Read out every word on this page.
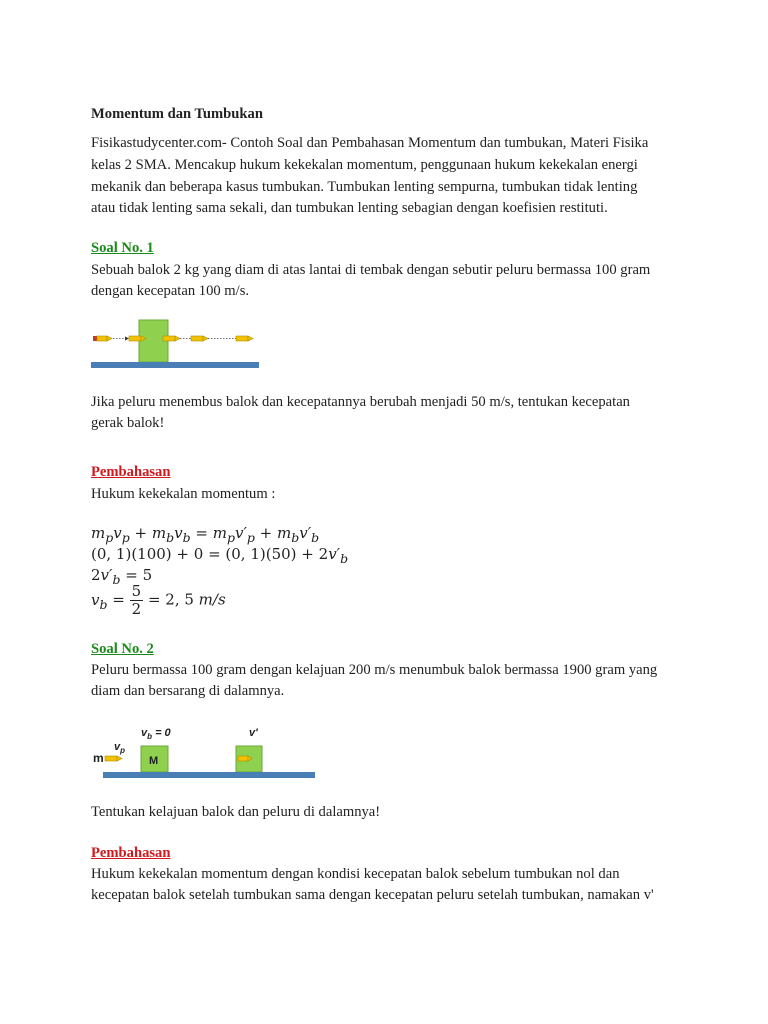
Momentum dan Tumbukan
Fisikastudycenter.com- Contoh Soal dan Pembahasan Momentum dan tumbukan, Materi Fisika
kelas 2 SMA. Mencakup hukum kekekalan momentum, penggunaan hukum kekekalan energi
mekanik dan beberapa kasus tumbukan. Tumbukan lenting sempurna, tumbukan tidak lenting
atau tidak lenting sama sekali, dan tumbukan lenting sebagian dengan koefisien restituti.
Soal No. 1
Sebuah balok 2 kg yang diam di atas lantai di tembak dengan sebutir peluru bermassa 100 gram
dengan kecepatan 100 m/s.
Jika peluru menembus balok dan kecepatannya berubah menjadi 50 m/s, tentukan kecepatan
gerak balok!
Pembahasan
Hukum kekekalan momentum :
$m_pv_p + m_bv_b = m_pv'_p + m_bv'_b$
(0, 1)(100) + 0 = (0, $1)(50) + 2v'_b$
$2v'_b = 5$
$v_b = \frac{5}{2} = 2$, 5 m/s
Soal No. 2
Peluru bermassa 100 gram dengan kelajuan 200 m/s menumbuk balok bermassa 1900 gram yang
diam dan bersarang di dalamnya.
m
$v_p$
$v_b = 0$
M
v'
Tentukan kelajuan balok dan peluru di dalamnya!
Pembahasan
Hukum kekekalan momentum dengan kondisi kecepatan balok sebelum tumbukan nol dan
kecepatan balok setelah tumbukan sama dengan kecepatan peluru setelah tumbukan, namakan v'
